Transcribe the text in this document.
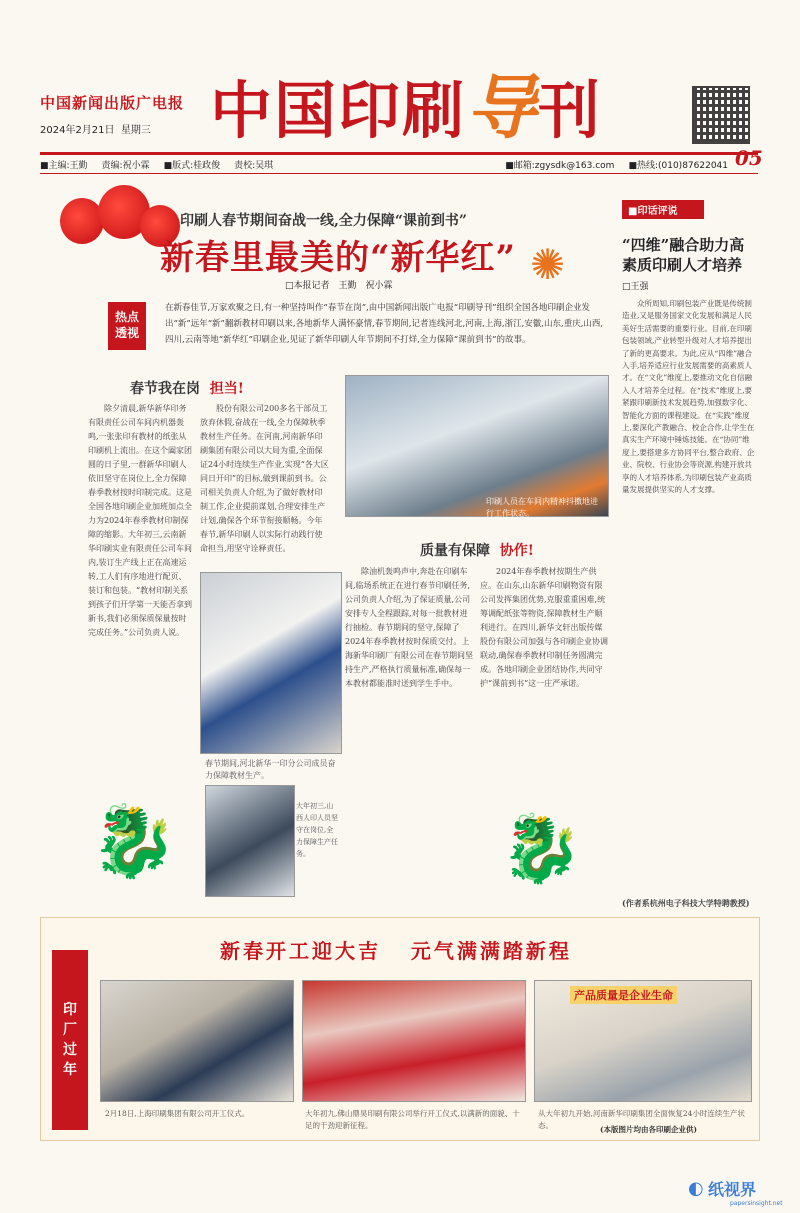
中国新闻出版广电报
2024年2月21日 星期三 中国印刷导刊
05
■主编:王勤 责编:祝小霖 ■版式:桂政俊 责校:吴琪	■邮箱:zgysdk@163.com ■热线:(010)87622041
✺
印刷人春节期间奋战一线,全力保障“课前到书”
新春里最美的“新华红”
□本报记者　王勤　祝小霖
热点
透视
在新春佳节,万家欢聚之日,有一种坚持叫作“春节在岗”,由中国新闻出版广电报“印刷导刊”组织全国各地印刷企业发出“新”远年“新”翻新教材印刷以来,各地新华人满怀豪情,春节期间,记者连线河北,河南,上海,浙江,安徽,山东,重庆,山西,四川,云南等地“新华红”印刷企业,见证了新华印刷人年节期间不打烊,全力保障“课前到书”的故事。
春节我在岗 担当!
除夕清晨,新华新华印务有限责任公司车间内机器轰鸣,一张张印有教材的纸张从印刷机上流出。在这个阖家团圆的日子里,一群新华印刷人依旧坚守在岗位上,全力保障春季教材按时印制完成。这是全国各地印刷企业加班加点全力为2024年春季教材印制保障的缩影。大年初三,云南新华印刷实业有限责任公司车间内,装订生产线上正在高速运转,工人们有序地进行配页、装订和包装。“教材印制关系到孩子们开学第一天能否拿到新书,我们必须保质保量按时完成任务。”公司负责人说。
股份有限公司200多名干部员工放弃休假,奋战在一线,全力保障秋季教材生产任务。在河南,河南新华印刷集团有限公司以大局为重,全面保证24小时连续生产作业,实现“各大区同日开印”的目标,做到课前到书。公司相关负责人介绍,为了做好教材印制工作,企业提前谋划,合理安排生产计划,确保各个环节衔接顺畅。今年春节,新华印刷人以实际行动践行使命担当,用坚守诠释责任。
印刷人员在车间内精神抖擞地进行工作状态。
春节期间,河北新华一印分公司成员奋力保障教材生产。
大年初三,山西人印人员坚守在岗位,全力保障生产任务。
🐉	🐉
质量有保障 协作!
除油机轰鸣声中,奔赴在印刷车间,临场系统正在进行春节印刷任务,公司负责人介绍,为了保证质量,公司安排专人全程跟踪,对每一批教材进行抽检。春节期间的坚守,保障了2024年春季教材按时保质交付。上海新华印刷厂有限公司在春节期间坚持生产,严格执行质量标准,确保每一本教材都能准时送到学生手中。
2024年春季教材按期生产供应。在山东,山东新华印刷物资有限公司发挥集团优势,克服重重困难,统筹调配纸张等物资,保障教材生产顺利进行。在四川,新华文轩出版传媒股份有限公司加强与各印刷企业协调联动,确保春季教材印制任务圆满完成。各地印刷企业团结协作,共同守护“课前到书”这一庄严承诺。
■印话评说
“四维”融合助力高素质印刷人才培养
□王强
众所周知,印刷包装产业既是传统制造业,又是服务国家文化发展和满足人民美好生活需要的重要行业。目前,在印刷包装领域,产业转型升级对人才培养提出了新的更高要求。为此,应从“四维”融合入手,培养适应行业发展需要的高素质人才。在“文化”维度上,要推动文化自信融入人才培养全过程。在“技术”维度上,要紧跟印刷新技术发展趋势,加强数字化、智能化方面的课程建设。在“实践”维度上,要深化产教融合、校企合作,让学生在真实生产环境中锤炼技能。在“协同”维度上,要搭建多方协同平台,整合政府、企业、院校、行业协会等资源,构建开放共享的人才培养体系,为印刷包装产业高质量发展提供坚实的人才支撑。
(作者系杭州电子科技大学特聘教授)
印
厂
过
年
新春开工迎大吉 元气满满踏新程
产品质量是企业生命
2月18日,上海印刷集团有限公司开工仪式。	大年初九,佛山鼎昊印刷有限公司举行开工仪式,以满新的面貌、十足的干劲迎新征程。
从大年初九开始,河南新华印刷集团全面恢复24小时连续生产状态。	(本版图片均由各印刷企业供)
◐ 纸视界
papersinsight.net
